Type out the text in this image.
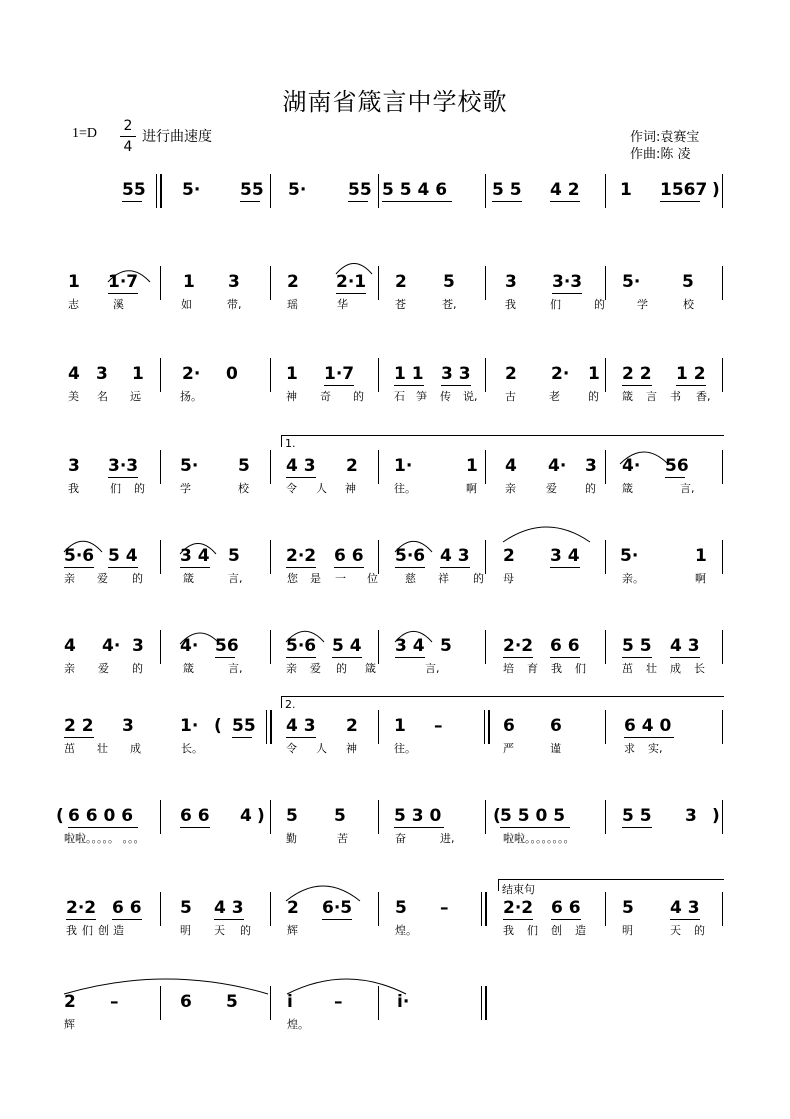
湖南省箴言中学校歌
$1=D \frac{2}{4}$ 进行曲速度	作词:袁赛宝
作曲:陈 凌
55 5· 55 5· 55 5 5 4 6	5 5 4 2 1 1567 )
1 1·7	1 3	2 2·1 2 5	3 3·3 5· 5
志	溪	如	带,	瑶	华	苍	苍,	我	们	的	学	校
4 3 1 2· 0	1 1·7 1 1 3 3 2 2· 1 2 2 1 2
美 名 远	扬。	神 奇 的	石 笋 传 说,	古	老	的 箴 言 书 香,
3 3·3 5· 5 4 3 2 1·	1 4 4· 3 4· 56
我	们 的	学	校	令 人 神	往。	啊	亲	爱	的 箴	言,
5·6 5 4 3 4 5	2·2 6 6 5·6 4 3 2 3 4 5·	1
亲 爱 的	箴	言,	您 是 一 位 慈 祥 的 母	亲。	啊
4 4· 3 4· 56	5·6 5 4 3 4 5	2·2 6 6 5 5 4 3
亲 爱 的	箴	言,	亲 爱 的 箴	言,	培 育 我 们	茁 壮 成 长
2 2 3	1· ( 55 4 3 2 1 –	6 6	6 4 0
茁 壮 成	长。	令 人 神	往。	严	谨	求 实,
( 6 6 0 6	6 6 4 ) 5 5	5 3 0	( 5 5 0 5	5 5 3 )
啦啦。。。。。 。。。	勤	苦	奋	进,	啦啦。。。。。。。。
2·2 6 6 5 4 3	2 6·5	5 –	2·2 6 6 5 4 3
我 们 创 造	明 天 的	辉	煌。	我 们 创 造	明	天 的
2 –	6 5	i –	i·
辉	煌。
1.
2.
结束句
